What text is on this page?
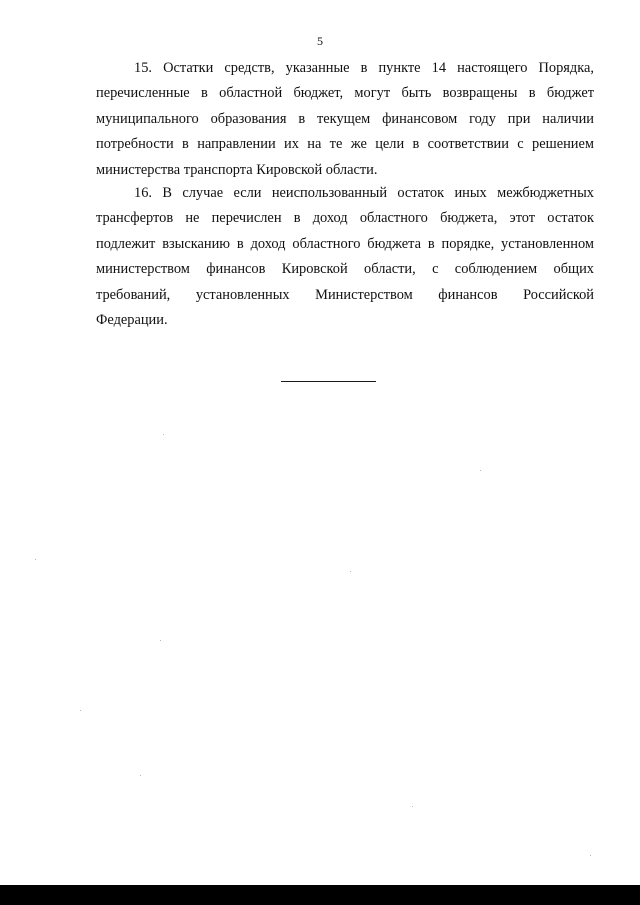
5
15. Остатки средств, указанные в пункте 14 настоящего Порядка,
перечисленные в областной бюджет, могут быть возвращены в бюджет
муниципального образования в текущем финансовом году при наличии
потребности в направлении их на те же цели в соответствии с решением
министерства транспорта Кировской области.
16. В случае если неиспользованный остаток иных межбюджетных
трансфертов не перечислен в доход областного бюджета, этот остаток
подлежит взысканию в доход областного бюджета в порядке, установленном
министерством финансов Кировской области, с соблюдением общих
требований, установленных Министерством финансов Российской
Федерации.
